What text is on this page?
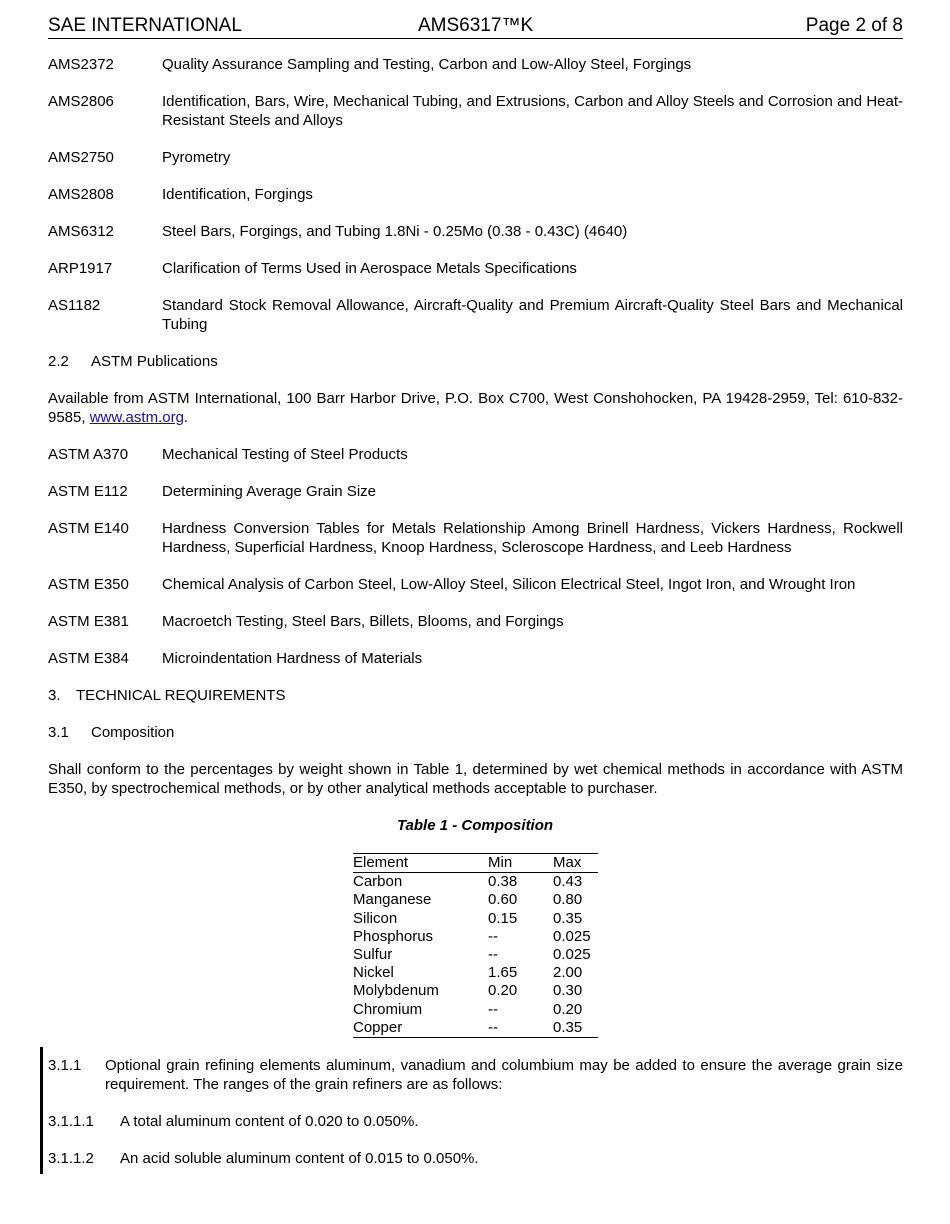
SAE INTERNATIONAL	AMS6317™K	Page 2 of 8
AMS2372	Quality Assurance Sampling and Testing, Carbon and Low-Alloy Steel, Forgings
AMS2806	Identification, Bars, Wire, Mechanical Tubing, and Extrusions, Carbon and Alloy Steels and Corrosion and Heat-Resistant Steels and Alloys
AMS2750	Pyrometry
AMS2808	Identification, Forgings
AMS6312	Steel Bars, Forgings, and Tubing 1.8Ni - 0.25Mo (0.38 - 0.43C) (4640)
ARP1917	Clarification of Terms Used in Aerospace Metals Specifications
AS1182	Standard Stock Removal Allowance, Aircraft-Quality and Premium Aircraft-Quality Steel Bars and Mechanical Tubing
2.2 ASTM Publications
Available from ASTM International, 100 Barr Harbor Drive, P.O. Box C700, West Conshohocken, PA 19428-2959, Tel: 610-832-9585, www.astm.org.
ASTM A370 Mechanical Testing of Steel Products
ASTM E112 Determining Average Grain Size
ASTM E140 Hardness Conversion Tables for Metals Relationship Among Brinell Hardness, Vickers Hardness, Rockwell Hardness, Superficial Hardness, Knoop Hardness, Scleroscope Hardness, and Leeb Hardness
ASTM E350 Chemical Analysis of Carbon Steel, Low-Alloy Steel, Silicon Electrical Steel, Ingot Iron, and Wrought Iron
ASTM E381 Macroetch Testing, Steel Bars, Billets, Blooms, and Forgings
ASTM E384 Microindentation Hardness of Materials
3. TECHNICAL REQUIREMENTS
3.1 Composition
Shall conform to the percentages by weight shown in Table 1, determined by wet chemical methods in accordance with ASTM E350, by spectrochemical methods, or by other analytical methods acceptable to purchaser.
Table 1 - Composition
Element	Min	Max
Carbon	0.38	0.43
Manganese	0.60	0.80
Silicon	0.15	0.35
Phosphorus	--	0.025
Sulfur	--	0.025
Nickel	1.65	2.00
Molybdenum	0.20	0.30
Chromium	--	0.20
Copper	--	0.35
3.1.1 Optional grain refining elements aluminum, vanadium and columbium may be added to ensure the average grain size requirement. The ranges of the grain refiners are as follows:
3.1.1.1 A total aluminum content of 0.020 to 0.050%.
3.1.1.2 An acid soluble aluminum content of 0.015 to 0.050%.
